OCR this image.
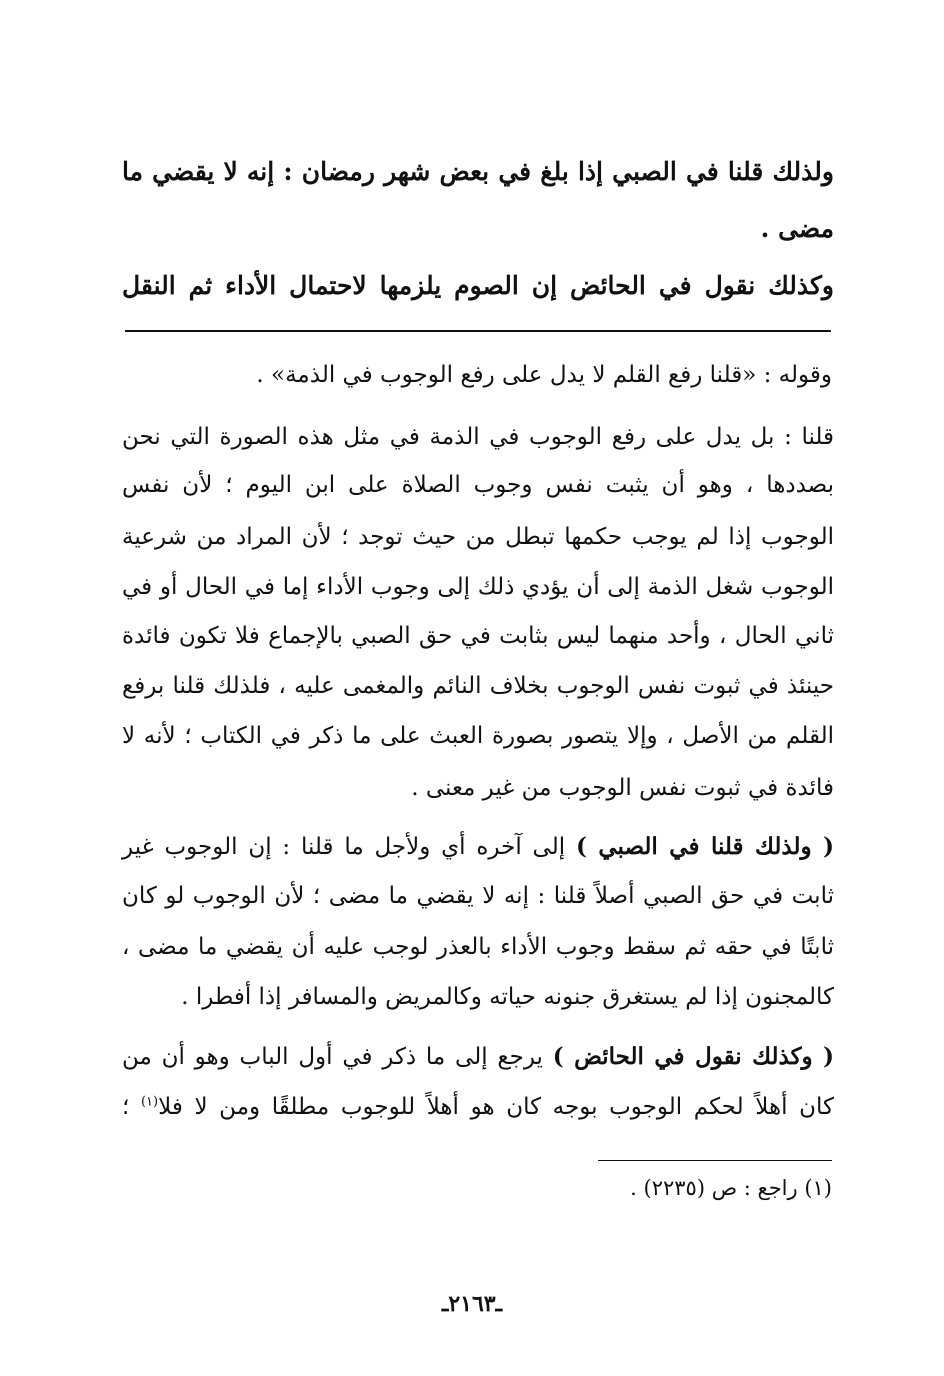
ولذلك قلنا في الصبي إذا بلغ في بعض شهر رمضان : إنه لا يقضي ما
مضى .
وكذلك نقول في الحائض إن الصوم يلزمها لاحتمال الأداء ثم النقل
وقوله : «قلنا رفع القلم لا يدل على رفع الوجوب في الذمة» .
قلنا : بل يدل على رفع الوجوب في الذمة في مثل هذه الصورة التي نحن
بصددها ، وهو أن يثبت نفس وجوب الصلاة على ابن اليوم ؛ لأن نفس
الوجوب إذا لم يوجب حكمها تبطل من حيث توجد ؛ لأن المراد من شرعية
الوجوب شغل الذمة إلى أن يؤدي ذلك إلى وجوب الأداء إما في الحال أو في
ثاني الحال ، وأحد منهما ليس بثابت في حق الصبي بالإجماع فلا تكون فائدة
حينئذ في ثبوت نفس الوجوب بخلاف النائم والمغمى عليه ، فلذلك قلنا برفع
القلم من الأصل ، وإلا يتصور بصورة العبث على ما ذكر في الكتاب ؛ لأنه لا
فائدة في ثبوت نفس الوجوب من غير معنى .
( ولذلك قلنا في الصبي ) إلى آخره أي ولأجل ما قلنا : إن الوجوب غير
ثابت في حق الصبي أصلاً قلنا : إنه لا يقضي ما مضى ؛ لأن الوجوب لو كان
ثابتًا في حقه ثم سقط وجوب الأداء بالعذر لوجب عليه أن يقضي ما مضى ،
كالمجنون إذا لم يستغرق جنونه حياته وكالمريض والمسافر إذا أفطرا .
( وكذلك نقول في الحائض ) يرجع إلى ما ذكر في أول الباب وهو أن من
كان أهلاً لحكم الوجوب بوجه كان هو أهلاً للوجوب مطلقًا ومن لا فلا$^{(١)}$ ؛
(١) راجع : ص (٢٢٣٥) .
ـ٢١٦٣ـ
